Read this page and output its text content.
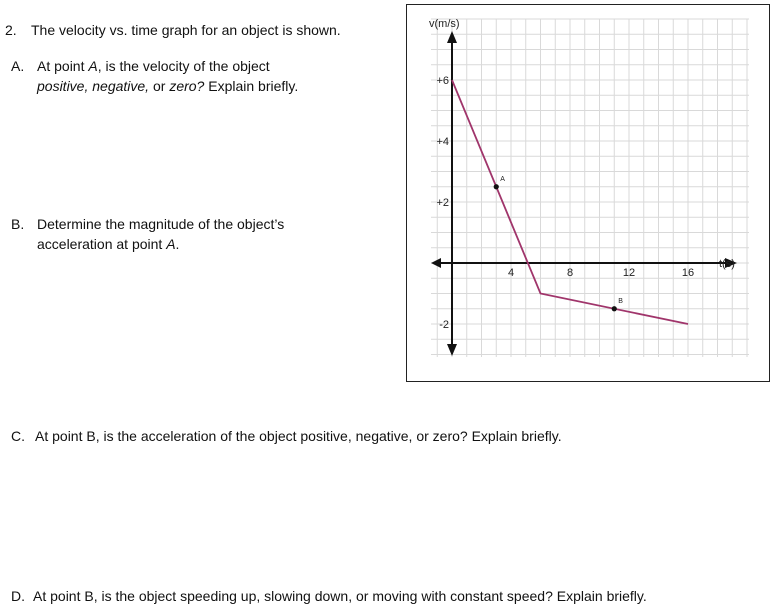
2. The velocity vs. time graph for an object is shown.
A. At point A, is the velocity of the object
positive, negative, or zero? Explain briefly.
B. Determine the magnitude of the object’s
acceleration at point A.
C. At point B, is the acceleration of the object positive, negative, or zero? Explain briefly.
D. At point B, is the object speeding up, slowing down, or moving with constant speed? Explain briefly.
t(s)
v(m/s)
4	8	12	16
+6
+4
+2
-2
A
B
